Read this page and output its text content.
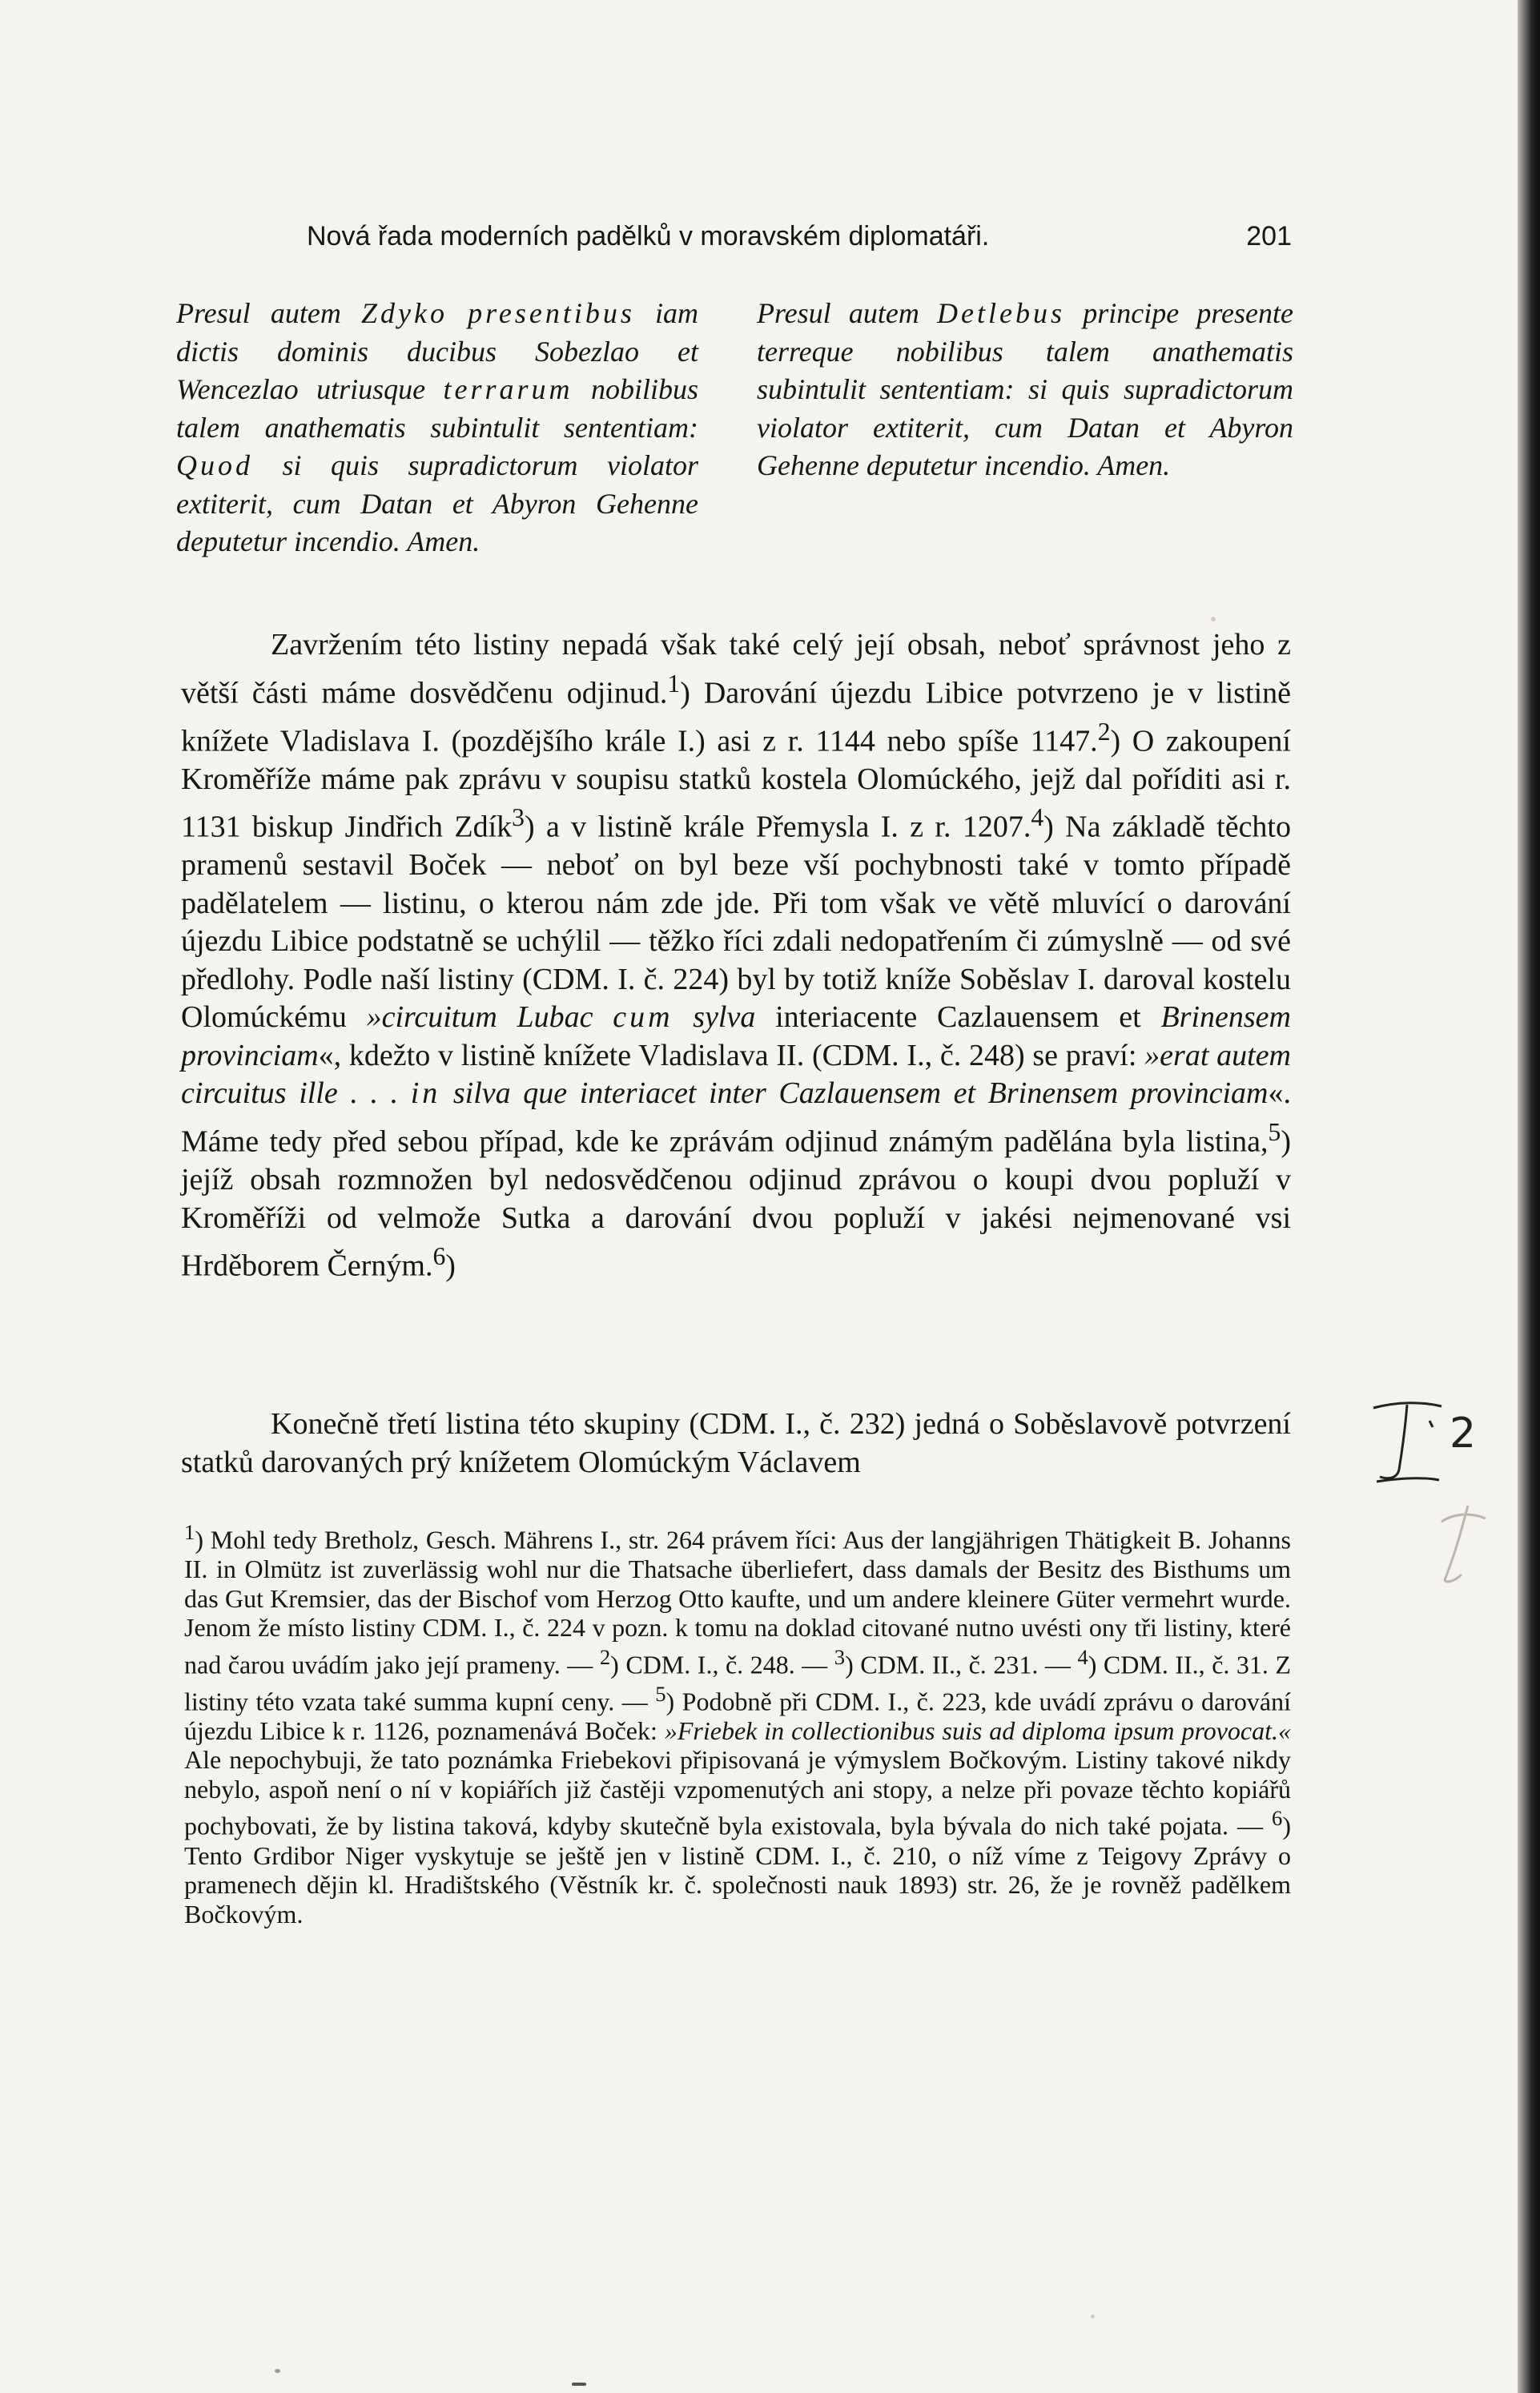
Nová řada moderních padělků v moravském diplomatáři.	201
Presul autem Zdyko presentibus iam dictis dominis ducibus Sobezlao et Wencezlao utriusque terrarum nobilibus talem anathematis subintulit sententiam: Quod si quis supradictorum violator extiterit, cum Datan et Abyron Gehenne deputetur incendio. Amen.
Presul autem Detlebus principe presente terreque nobilibus talem anathematis subintulit sententiam: si quis supradictorum violator extiterit, cum Datan et Abyron Gehenne deputetur incendio. Amen.

Zavržením této listiny nepadá však také celý její obsah, neboť správnost jeho z větší části máme dosvědčenu odjinud.$^1$) Darování újezdu Libice potvrzeno je v listině knížete Vladislava I. (pozdějšího krále I.) asi z r. 1144 nebo spíše 1147.$^2$) O zakoupení Kroměříže máme pak zprávu v soupisu statků kostela Olomúckého, jejž dal poříditi asi r. 1131 biskup Jindřich Zdík$^3$) a v listině krále Přemysla I. z r. 1207.$^4$) Na základě těchto pramenů sestavil Boček — neboť on byl beze vší pochybnosti také v tomto případě padělatelem — listinu, o kterou nám zde jde. Při tom však ve větě mluvící o darování újezdu Libice podstatně se uchýlil — těžko říci zdali nedopatřením či zúmyslně — od své předlohy. Podle naší listiny (CDM. I. č. 224) byl by totiž kníže Soběslav I. daroval kostelu Olomúckému »circuitum Lubac cum sylva interiacente Cazlauensem et Brinensem provinciam«, kdežto v listině knížete Vladislava II. (CDM. I., č. 248) se praví: »erat autem circuitus ille . . . in silva que interiacet inter Cazlauensem et Brinensem provinciam«. Máme tedy před sebou případ, kde ke zprávám odjinud známým padělána byla listina,$^5$) jejíž obsah rozmnožen byl nedosvědčenou odjinud zprávou o koupi dvou popluží v Kroměříži od velmože Sutka a darování dvou popluží v jakési nejmenované vsi Hrděborem Černým.$^6$)

Konečně třetí listina této skupiny (CDM. I., č. 232) jedná o Soběslavově potvrzení statků darovaných prý knížetem Olomúckým Václavem

$^1$) Mohl tedy Bretholz, Gesch. Mährens I., str. 264 právem říci: Aus der langjährigen Thätigkeit B. Johanns II. in Olmütz ist zuverlässig wohl nur die Thatsache überliefert, dass damals der Besitz des Bisthums um das Gut Kremsier, das der Bischof vom Herzog Otto kaufte, und um andere kleinere Güter vermehrt wurde. Jenom že místo listiny CDM. I., č. 224 v pozn. k tomu na doklad citované nutno uvésti ony tři listiny, které nad čarou uvádím jako její prameny. — $^2$) CDM. I., č. 248. — $^3$) CDM. II., č. 231. — $^4$) CDM. II., č. 31. Z listiny této vzata také summa kupní ceny. — $^5$) Podobně při CDM. I., č. 223, kde uvádí zprávu o darování újezdu Libice k r. 1126, poznamenává Boček: »Friebek in collectionibus suis ad diploma ipsum provocat.« Ale nepochybuji, že tato poznámka Friebekovi připisovaná je výmyslem Bočkovým. Listiny takové nikdy nebylo, aspoň není o ní v kopiářích již častěji vzpomenutých ani stopy, a nelze při povaze těchto kopiářů pochybovati, že by listina taková, kdyby skutečně byla existovala, byla bývala do nich také pojata. — $^6$) Tento Grdibor Niger vyskytuje se ještě jen v listině CDM. I., č. 210, o níž víme z Teigovy Zprávy o pramenech dějin kl. Hradištského (Věstník kr. č. společnosti nauk 1893) str. 26, že je rovněž padělkem Bočkovým.

2
